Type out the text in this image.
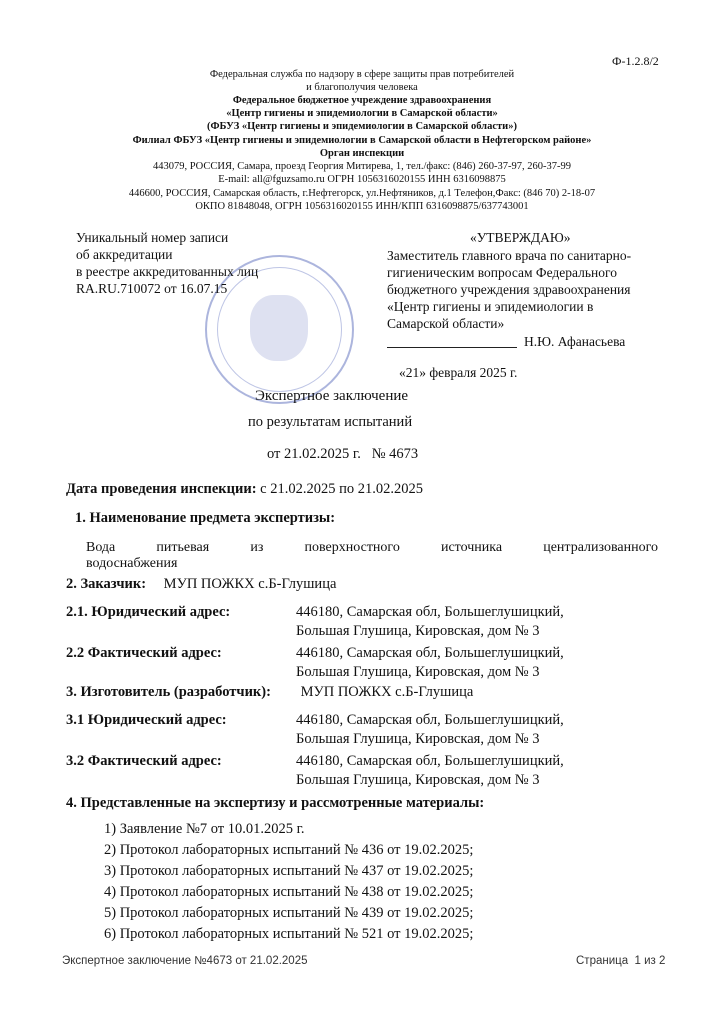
Ф-1.2.8/2
Федеральная служба по надзору в сфере защиты прав потребителей
и благополучия человека
Федеральное бюджетное учреждение здравоохранения
«Центр гигиены и эпидемиологии в Самарской области»
(ФБУЗ «Центр гигиены и эпидемиологии в Самарской области»)
Филиал ФБУЗ «Центр гигиены и эпидемиологии в Самарской области в Нефтегорском районе»
Орган инспекции
443079, РОССИЯ, Самара, проезд Георгия Митирева, 1, тел./факс: (846) 260-37-97, 260-37-99
E-mail: all@fguzsamo.ru ОГРН 1056316020155 ИНН 6316098875
446600, РОССИЯ, Самарская область, г.Нефтегорск, ул.Нефтяников, д.1 Телефон,Факс: (846 70) 2-18-07
ОКПО 81848048, ОГРН 1056316020155 ИНН/КПП 6316098875/637743001
Уникальный номер записи
об аккредитации
в реестре аккредитованных лиц
RA.RU.710072 от 16.07.15
«УТВЕРЖДАЮ»
Заместитель главного врача по санитарно-
гигиеническим вопросам Федерального
бюджетного учреждения здравоохранения
«Центр гигиены и эпидемиологии в
Самарской области»
Н.Ю. Афанасьева
«21» февраля 2025 г.
Экспертное заключение
по результатам испытаний
от 21.02.2025 г.   № 4673
Дата проведения инспекции: с 21.02.2025 по 21.02.2025
1. Наименование предмета экспертизы:
Вода питьевая из поверхностного источника централизованного
водоснабжения
2. Заказчик: МУП ПОЖКХ с.Б-Глушица
2.1. Юридический адрес:	446180, Самарская обл, Большеглушицкий,
Большая Глушица, Кировская, дом № 3
2.2 Фактический адрес:	446180, Самарская обл, Большеглушицкий,
Большая Глушица, Кировская, дом № 3
3. Изготовитель (разработчик): МУП ПОЖКХ с.Б-Глушица
3.1 Юридический адрес:	446180, Самарская обл, Большеглушицкий,
Большая Глушица, Кировская, дом № 3
3.2 Фактический адрес:	446180, Самарская обл, Большеглушицкий,
Большая Глушица, Кировская, дом № 3
4. Представленные на экспертизу и рассмотренные материалы:
1) Заявление №7 от 10.01.2025 г.
2) Протокол лабораторных испытаний № 436 от 19.02.2025;
3) Протокол лабораторных испытаний № 437 от 19.02.2025;
4) Протокол лабораторных испытаний № 438 от 19.02.2025;
5) Протокол лабораторных испытаний № 439 от 19.02.2025;
6) Протокол лабораторных испытаний № 521 от 19.02.2025;
Экспертное заключение №4673 от 21.02.2025	Страница  1 из 2
